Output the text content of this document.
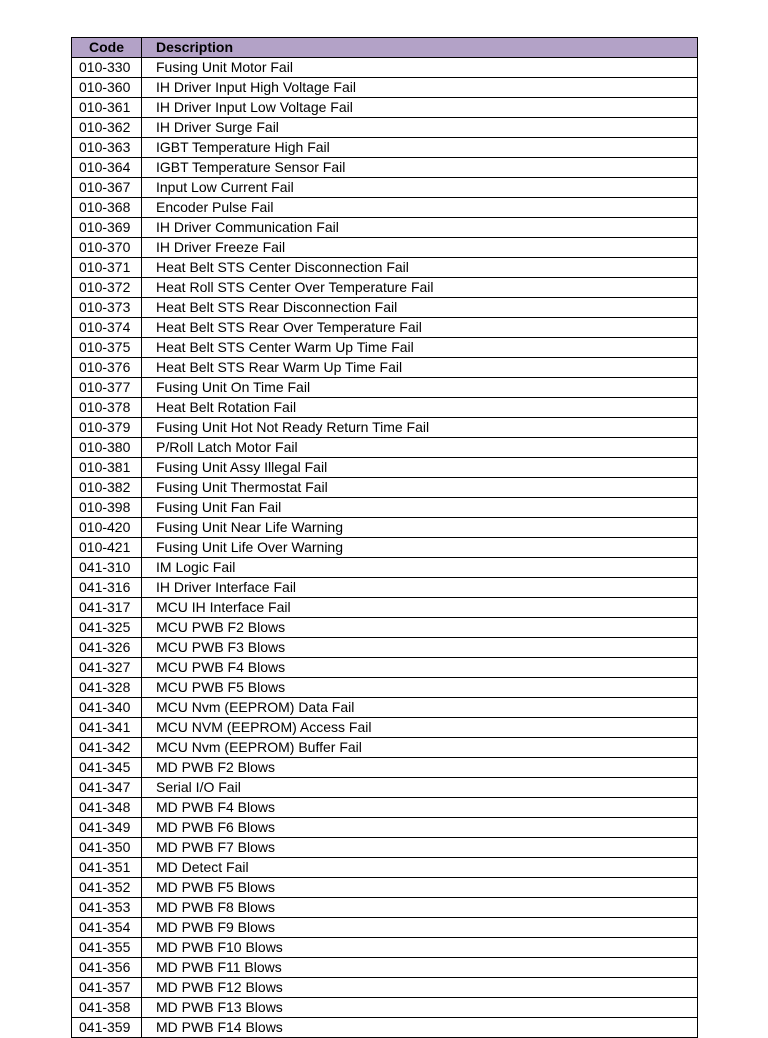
Code	Description
010-330	Fusing Unit Motor Fail
010-360	IH Driver Input High Voltage Fail
010-361	IH Driver Input Low Voltage Fail
010-362	IH Driver Surge Fail
010-363	IGBT Temperature High Fail
010-364	IGBT Temperature Sensor Fail
010-367	Input Low Current Fail
010-368	Encoder Pulse Fail
010-369	IH Driver Communication Fail
010-370	IH Driver Freeze Fail
010-371	Heat Belt STS Center Disconnection Fail
010-372	Heat Roll STS Center Over Temperature Fail
010-373	Heat Belt STS Rear Disconnection Fail
010-374	Heat Belt STS Rear Over Temperature Fail
010-375	Heat Belt STS Center Warm Up Time Fail
010-376	Heat Belt STS Rear Warm Up Time Fail
010-377	Fusing Unit On Time Fail
010-378	Heat Belt Rotation Fail
010-379	Fusing Unit Hot Not Ready Return Time Fail
010-380	P/Roll Latch Motor Fail
010-381	Fusing Unit Assy Illegal Fail
010-382	Fusing Unit Thermostat Fail
010-398	Fusing Unit Fan Fail
010-420	Fusing Unit Near Life Warning
010-421	Fusing Unit Life Over Warning
041-310	IM Logic Fail
041-316	IH Driver Interface Fail
041-317	MCU IH Interface Fail
041-325	MCU PWB F2 Blows
041-326	MCU PWB F3 Blows
041-327	MCU PWB F4 Blows
041-328	MCU PWB F5 Blows
041-340	MCU Nvm (EEPROM) Data Fail
041-341	MCU NVM (EEPROM) Access Fail
041-342	MCU Nvm (EEPROM) Buffer Fail
041-345	MD PWB F2 Blows
041-347	Serial I/O Fail
041-348	MD PWB F4 Blows
041-349	MD PWB F6 Blows
041-350	MD PWB F7 Blows
041-351	MD Detect Fail
041-352	MD PWB F5 Blows
041-353	MD PWB F8 Blows
041-354	MD PWB F9 Blows
041-355	MD PWB F10 Blows
041-356	MD PWB F11 Blows
041-357	MD PWB F12 Blows
041-358	MD PWB F13 Blows
041-359	MD PWB F14 Blows
